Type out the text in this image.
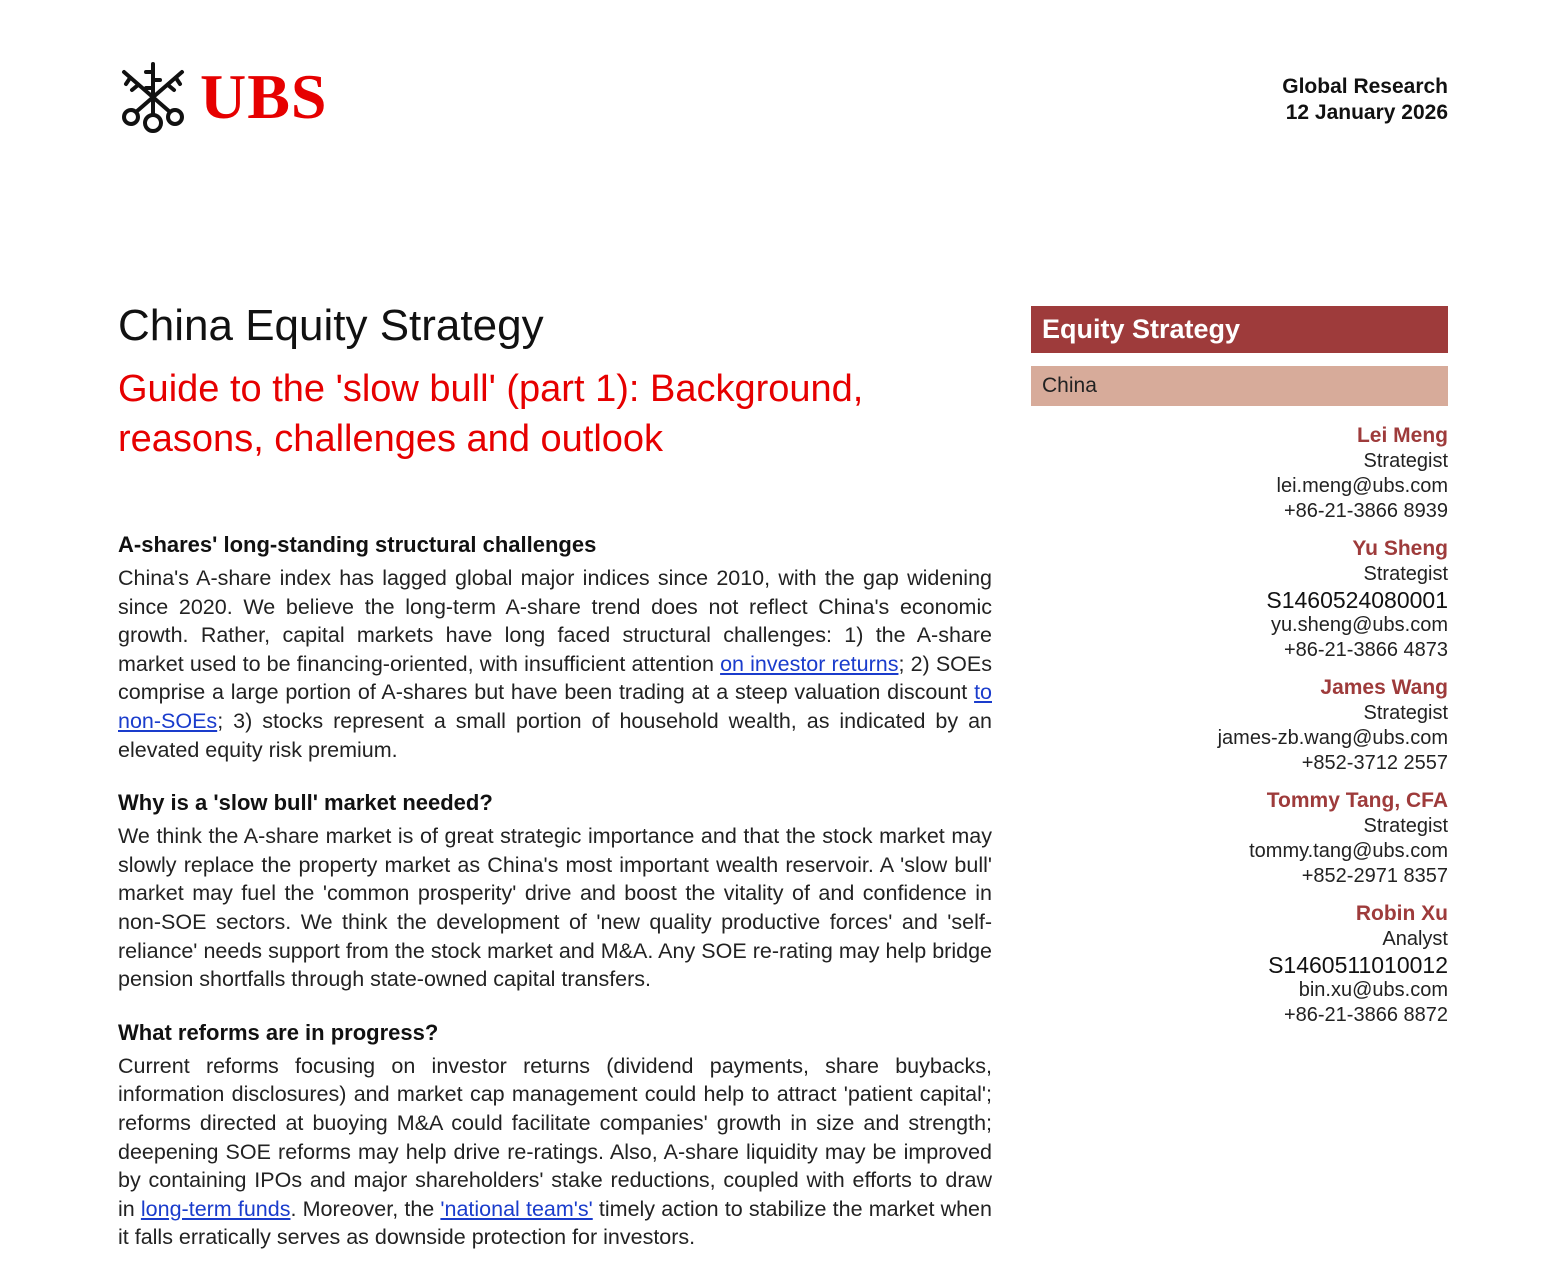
UBS	Global Research
12 January 2026
China Equity Strategy
Guide to the 'slow bull' (part 1): Background, reasons, challenges and outlook
A-shares' long-standing structural challenges

China's A-share index has lagged global major indices since 2010, with the gap widening since 2020. We believe the long-term A-share trend does not reflect China's economic growth. Rather, capital markets have long faced structural challenges: 1) the A-share market used to be financing-oriented, with insufficient attention on investor returns; 2) SOEs comprise a large portion of A-shares but have been trading at a steep valuation discount to non-SOEs; 3) stocks represent a small portion of household wealth, as indicated by an elevated equity risk premium.

Why is a 'slow bull' market needed?

We think the A-share market is of great strategic importance and that the stock market may slowly replace the property market as China's most important wealth reservoir. A 'slow bull' market may fuel the 'common prosperity' drive and boost the vitality of and confidence in non-SOE sectors. We think the development of 'new quality productive forces' and 'self-reliance' needs support from the stock market and M&A. Any SOE re-rating may help bridge pension shortfalls through state-owned capital transfers.

What reforms are in progress?

Current reforms focusing on investor returns (dividend payments, share buybacks, information disclosures) and market cap management could help to attract 'patient capital'; reforms directed at buoying M&A could facilitate companies' growth in size and strength; deepening SOE reforms may help drive re-ratings. Also, A-share liquidity may be improved by containing IPOs and major shareholders' stake reductions, coupled with efforts to draw in long-term funds. Moreover, the 'national team's' timely action to stabilize the market when it falls erratically serves as downside protection for investors.

Equity Strategy
China
Lei Meng
Strategist
lei.meng@ubs.com
+86-21-3866 8939
Yu Sheng
Strategist
S1460524080001
yu.sheng@ubs.com
+86-21-3866 4873
James Wang
Strategist
james-zb.wang@ubs.com
+852-3712 2557
Tommy Tang, CFA
Strategist
tommy.tang@ubs.com
+852-2971 8357
Robin Xu
Analyst
S1460511010012
bin.xu@ubs.com
+86-21-3866 8872
